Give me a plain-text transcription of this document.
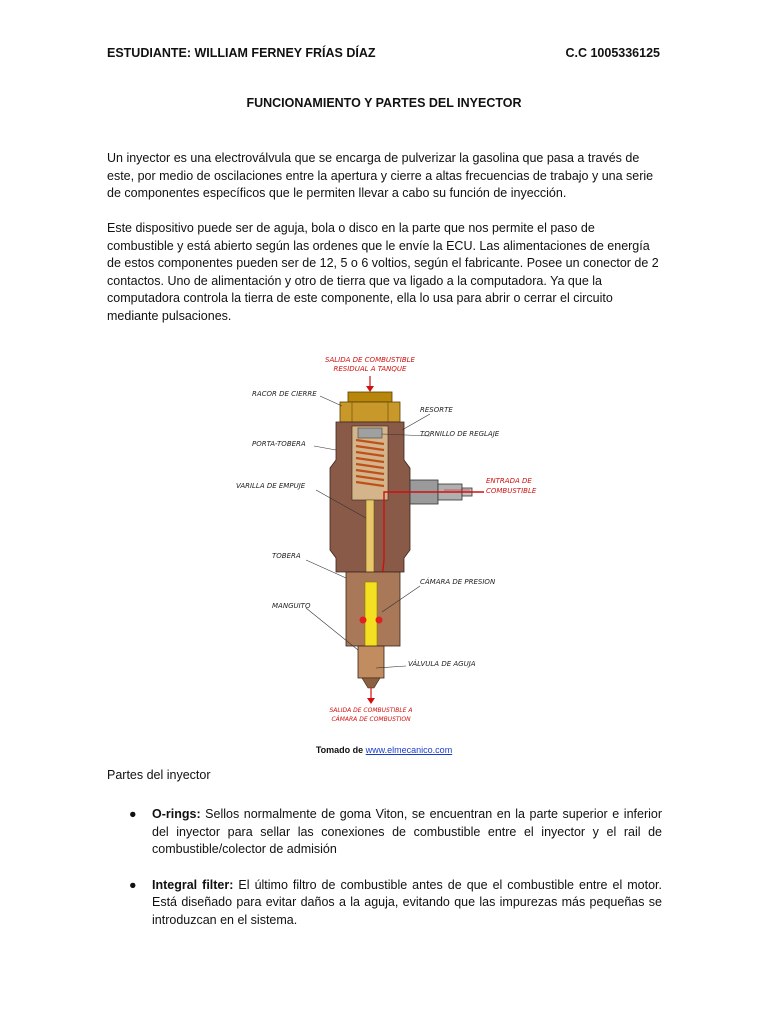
ESTUDIANTE: WILLIAM FERNEY FRÍAS DÍAZ	C.C 1005336125
FUNCIONAMIENTO Y PARTES DEL INYECTOR

Un inyector es una electroválvula que se encarga de pulverizar la gasolina que pasa a través de este, por medio de oscilaciones entre la apertura y cierre a altas frecuencias de trabajo y una serie de componentes específicos que le permiten llevar a cabo su función de inyección.

Este dispositivo puede ser de aguja, bola o disco en la parte que nos permite el paso de combustible y está abierto según las ordenes que le envíe la ECU. Las alimentaciones de energía de estos componentes pueden ser de 12, 5 o 6 voltios, según el fabricante. Posee un conector de 2 contactos. Uno de alimentación y otro de tierra que va ligado a la computadora. Ya que la computadora controla la tierra de este componente, ella lo usa para abrir o cerrar el circuito mediante pulsaciones.

SALIDA DE COMBUSTIBLE
RESIDUAL A TANQUE
RACOR DE CIERRE
RESORTE
TORNILLO DE REGLAJE
PORTA-TOBERA
ENTRADA DE
COMBUSTIBLE
VARILLA DE EMPUJE
TOBERA
CÁMARA DE PRESION
MANGUITO
VÁLVULA DE AGUJA
SALIDA DE COMBUSTIBLE A
CÁMARA DE COMBUSTION
Tomado de www.elmecanico.com
Partes del inyector
● O-rings: Sellos normalmente de goma Viton, se encuentran en la parte superior e inferior del inyector para sellar las conexiones de combustible entre el inyector y el rail de combustible/colector de admisión
● Integral filter: El último filtro de combustible antes de que el combustible entre el motor. Está diseñado para evitar daños a la aguja, evitando que las impurezas más pequeñas se introduzcan en el sistema.
